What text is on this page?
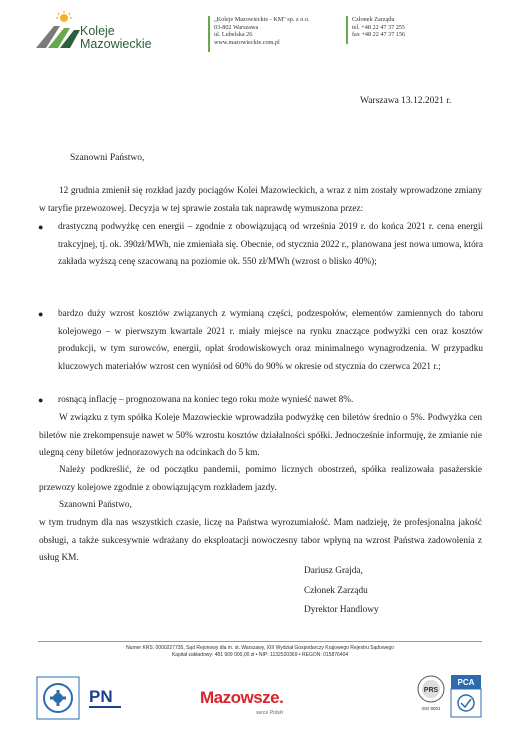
Koleje
Mazowieckie
„Koleje Mazowieckie - KM" sp. z o.o.
03-802 Warszawa
ul. Lubelska 26
www.mazowieckie.com.pl
Członek Zarządu
tel. +48 22 47 37 255
fax +48 22 47 37 156
Warszawa 13.12.2021 r.
Szanowni Państwo,
12 grudnia zmienił się rozkład jazdy pociągów Kolei Mazowieckich, a wraz z nim zostały wprowadzone zmiany w taryfie przewozowej. Decyzja w tej sprawie została tak naprawdę wymuszona przez:
● drastyczną podwyżkę cen energii – zgodnie z obowiązującą od września 2019 r. do końca 2021 r. cena energii trakcyjnej, tj. ok. 390zł/MWh, nie zmieniała się. Obecnie, od stycznia 2022 r., planowana jest nowa umowa, która zakłada wyższą cenę szacowaną na poziomie ok. 550 zł/MWh (wzrost o blisko 40%);
● bardzo duży wzrost kosztów związanych z wymianą części, podzespołów, elementów zamiennych do taboru kolejowego – w pierwszym kwartale 2021 r. miały miejsce na rynku znaczące podwyżki cen oraz kosztów produkcji, w tym surowców, energii, opłat środowiskowych oraz minimalnego wynagrodzenia. W przypadku kluczowych materiałów wzrost cen wyniósł od 60% do 90% w okresie od stycznia do czerwca 2021 r.;
● rosnącą inflację – prognozowana na koniec tego roku może wynieść nawet 8%.
W związku z tym spółka Koleje Mazowieckie wprowadziła podwyżkę cen biletów średnio o 5%. Podwyżka cen biletów nie zrekompensuje nawet w 50% wzrostu kosztów działalności spółki. Jednocześnie informuję, że zmianie nie ulegną ceny biletów jednorazowych na odcinkach do 5 km.
Należy podkreślić, że od początku pandemii, pomimo licznych obostrzeń, spółka realizowała pasażerskie przewozy kolejowe zgodnie z obowiązującym rozkładem jazdy.
Szanowni Państwo,
w tym trudnym dla nas wszystkich czasie, liczę na Państwa wyrozumiałość. Mam nadzieję, że profesjonalna jakość obsługi, a także sukcesywnie wdrażany do eksploatacji nowoczesny tabor wpłyną na wzrost Państwa zadowolenia z usług KM.
Dariusz Grajda,
Członek Zarządu
Dyrektor Handlowy
Numer KRS: 0000227735, Sąd Rejonowy dla m. st. Warszawy, XIII Wydział Gospodarczy Krajowego Rejestru Sądowego
Kapitał zakładowy: 481 909 000,00 zł • NIP: 1132520369 • REGON: 015876404
PN	Mazowsze.
serce Polski
PRS
ISO 9001
PCA
